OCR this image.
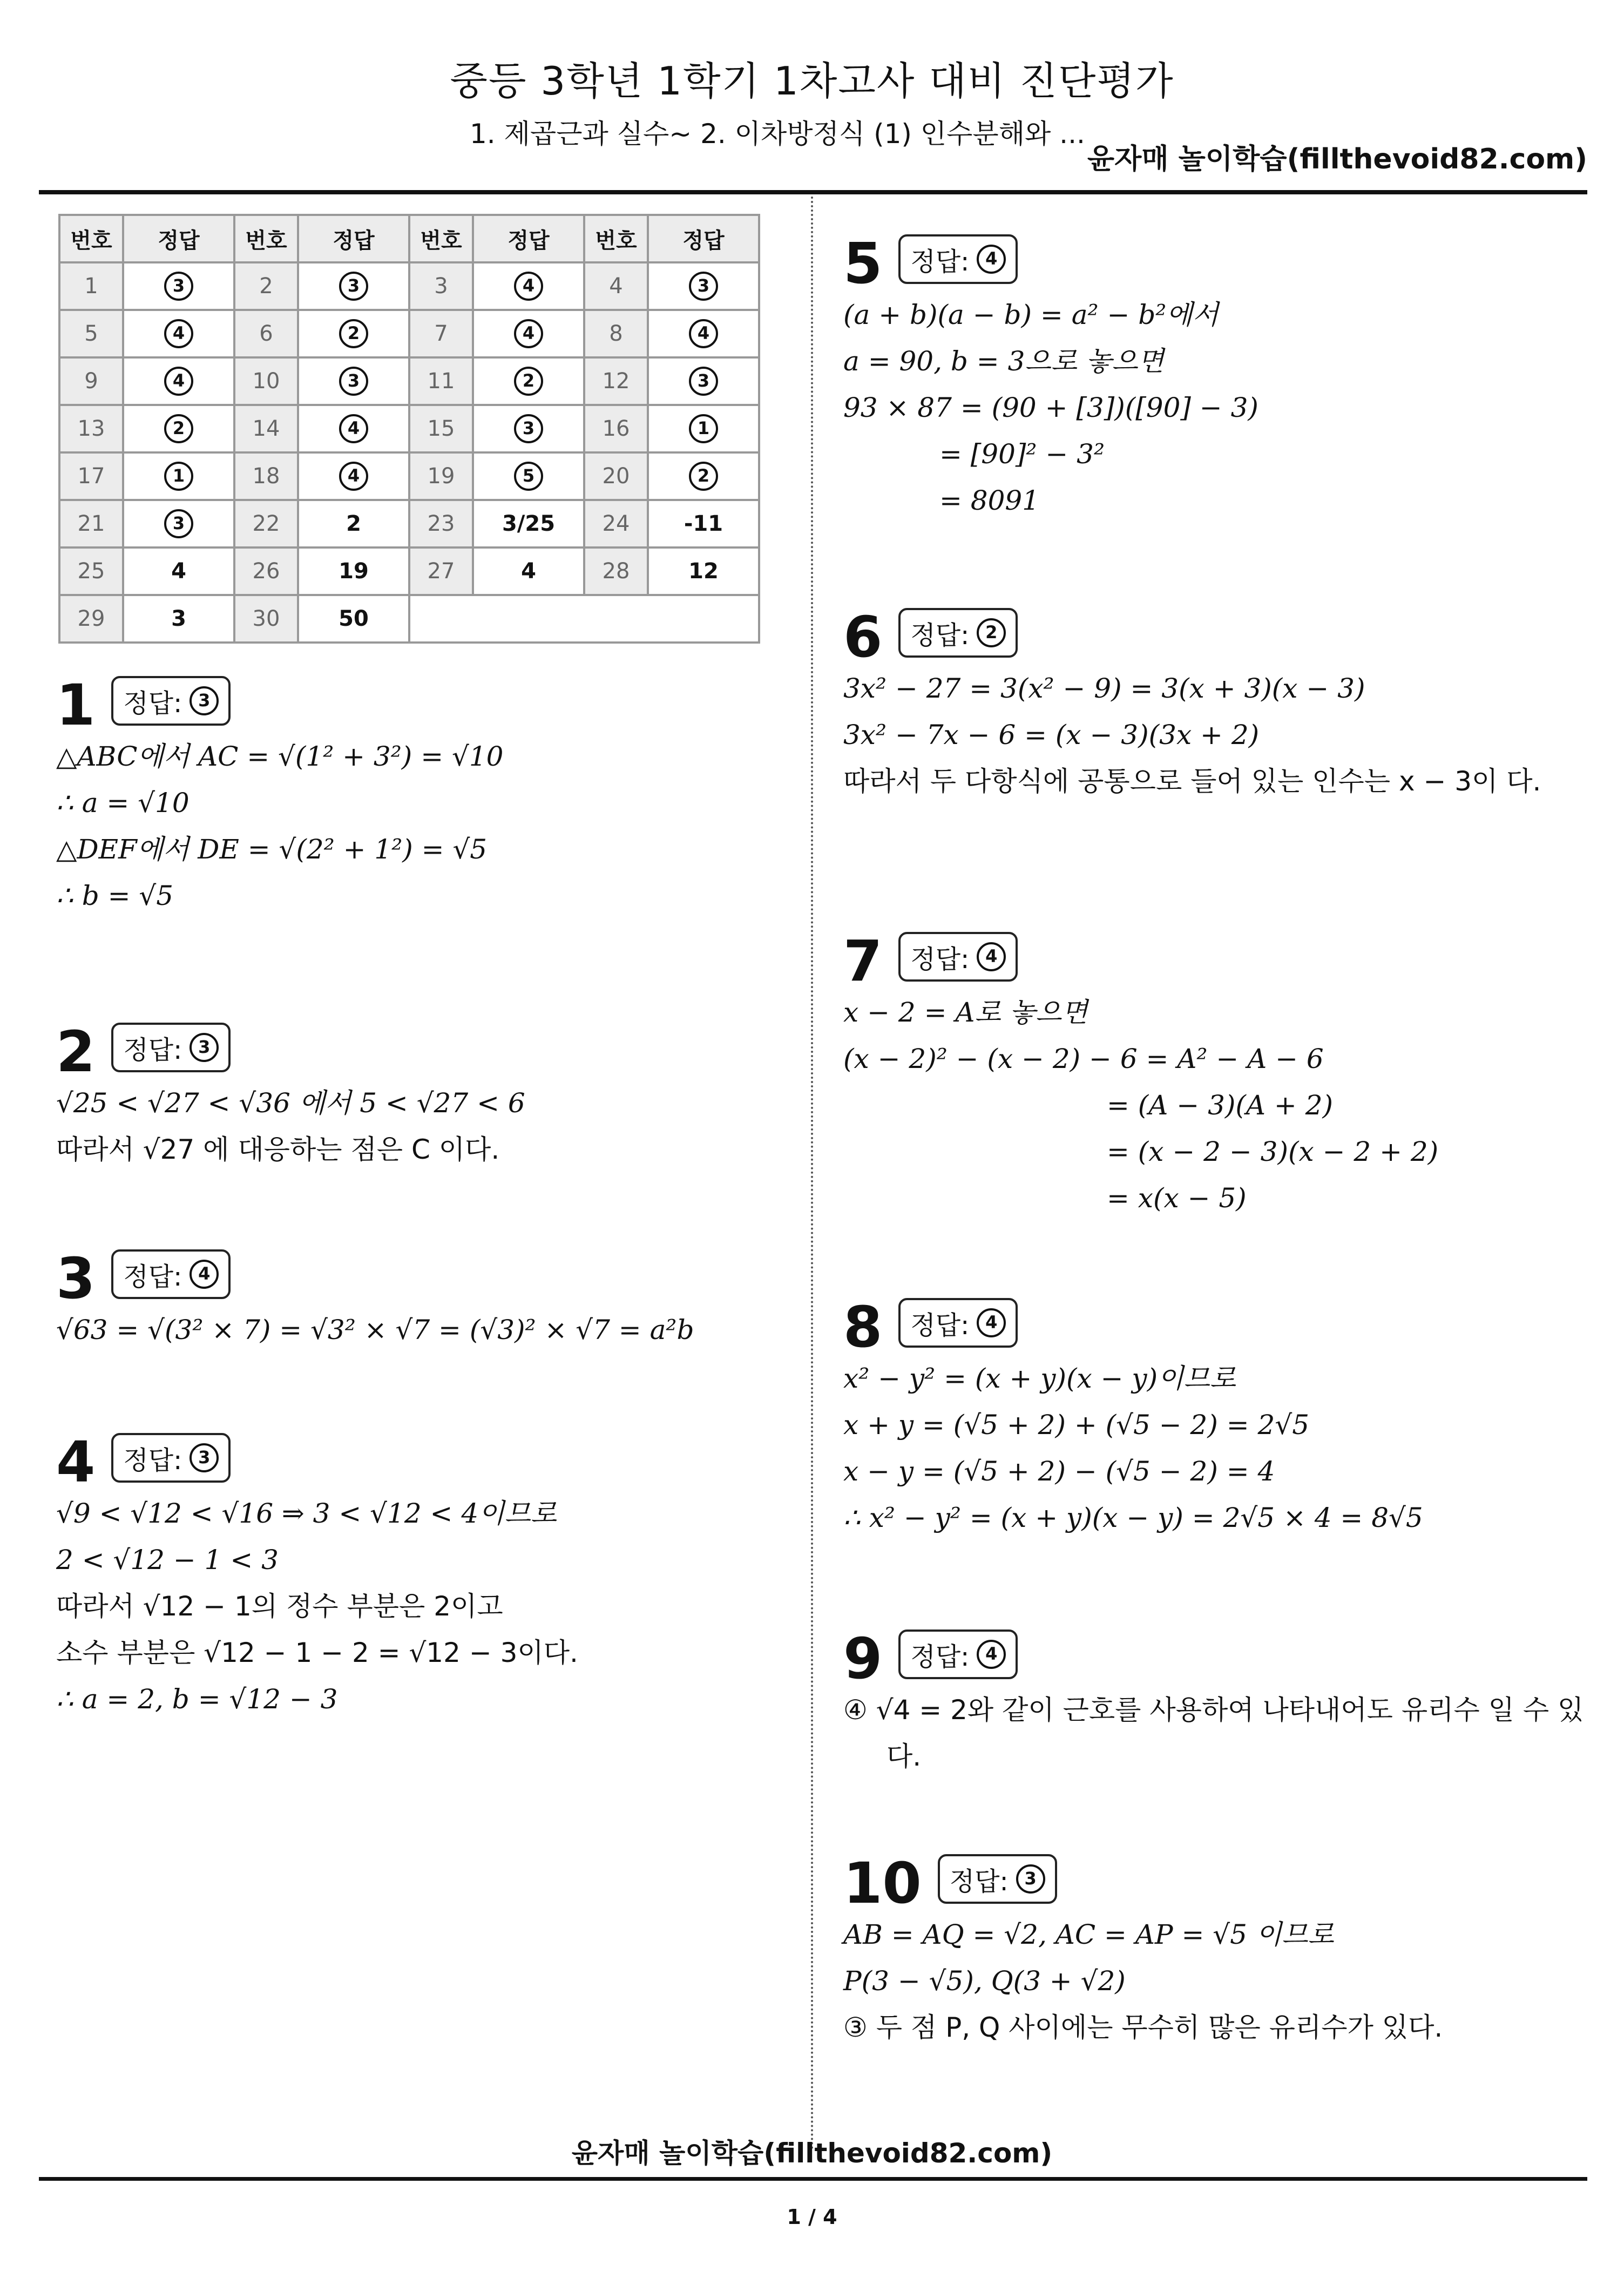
중등 3학년 1학기 1차고사 대비 진단평가
1. 제곱근과 실수~ 2. 이차방정식 (1) 인수분해와 ...
윤자매 놀이학습(fillthevoid82.com)
번호	정답	번호	정답	번호	정답	번호	정답
1	3	2	3	3	4	4	3
5	4	6	2	7	4	8	4
9	4	10	3	11	2	12	3
13	2	14	4	15	3	16	1
17	1	18	4	19	5	20	2
21	3	22	2	23	3/25	24	-11
25	4	26	19	27	4	28	12
29	3	30	50				
1 정답: 3
△ABC에서 AC = √(1² + 3²) = √10
∴ a = √10
△DEF에서 DE = √(2² + 1²) = √5
∴ b = √5
2 정답: 3
√25 < √27 < √36 에서 5 < √27 < 6
따라서 √27 에 대응하는 점은 C 이다.
3 정답: 4
√63 = √(3² × 7) = √3² × √7 = (√3)² × √7 = a²b
4 정답: 3
√9 < √12 < √16 ⇒ 3 < √12 < 4이므로
2 < √12 − 1 < 3
따라서 √12 − 1의 정수 부분은 2이고
소수 부분은 √12 − 1 − 2 = √12 − 3이다.
∴ a = 2, b = √12 − 3
5 정답: 4
(a + b)(a − b) = a² − b²에서
a = 90, b = 3으로 놓으면
93 × 87 = (90 + [3])([90] − 3)
= [90]² − 3²
= 8091
6 정답: 2
3x² − 27 = 3(x² − 9) = 3(x + 3)(x − 3)
3x² − 7x − 6 = (x − 3)(3x + 2)
따라서 두 다항식에 공통으로 들어 있는 인수는 x − 3이 다.
7 정답: 4
x − 2 = A로 놓으면
(x − 2)² − (x − 2) − 6 = A² − A − 6
= (A − 3)(A + 2)
= (x − 2 − 3)(x − 2 + 2)
= x(x − 5)
8 정답: 4
x² − y² = (x + y)(x − y)이므로
x + y = (√5 + 2) + (√5 − 2) = 2√5
x − y = (√5 + 2) − (√5 − 2) = 4
∴ x² − y² = (x + y)(x − y) = 2√5 × 4 = 8√5
9 정답: 4
④ √4 = 2와 같이 근호를 사용하여 나타내어도 유리수 일 수 있다.
10 정답: 3
AB = AQ = √2, AC = AP = √5 이므로
P(3 − √5), Q(3 + √2)
③ 두 점 P, Q 사이에는 무수히 많은 유리수가 있다.
윤자매 놀이학습(fillthevoid82.com)
1 / 4
